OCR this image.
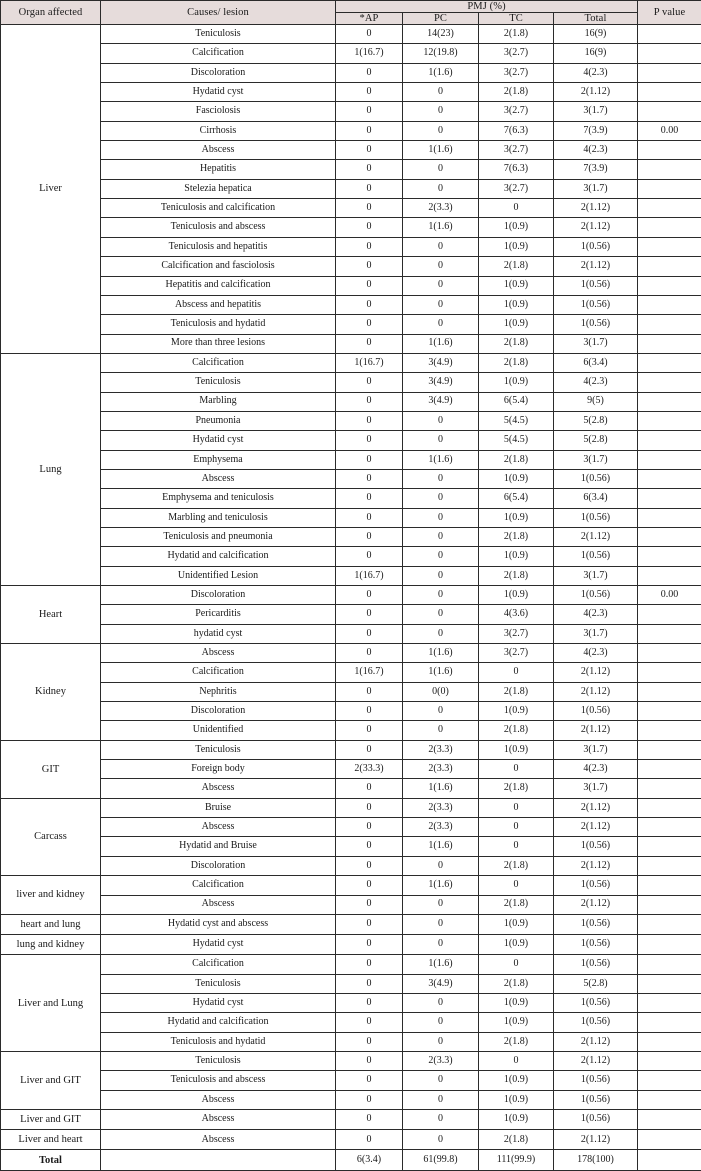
Organ affected	Causes/ lesion	PMJ (%)				P value
		*AP	PC	TC	Total	
Liver	Teniculosis	0	14(23)	2(1.8)	16(9)	
	Calcification	1(16.7)	12(19.8)	3(2.7)	16(9)	
	Discoloration	0	1(1.6)	3(2.7)	4(2.3)	
	Hydatid cyst	0	0	2(1.8)	2(1.12)	
	Fasciolosis	0	0	3(2.7)	3(1.7)	
	Cirrhosis	0	0	7(6.3)	7(3.9)	0.00
	Abscess	0	1(1.6)	3(2.7)	4(2.3)	
	Hepatitis	0	0	7(6.3)	7(3.9)	
	Stelezia hepatica	0	0	3(2.7)	3(1.7)	
	Teniculosis and calcification	0	2(3.3)	0	2(1.12)	
	Teniculosis and abscess	0	1(1.6)	1(0.9)	2(1.12)	
	Teniculosis and hepatitis	0	0	1(0.9)	1(0.56)	
	Calcification and fasciolosis	0	0	2(1.8)	2(1.12)	
	Hepatitis and calcification	0	0	1(0.9)	1(0.56)	
	Abscess and hepatitis	0	0	1(0.9)	1(0.56)	
	Teniculosis and hydatid	0	0	1(0.9)	1(0.56)	
	More than three lesions	0	1(1.6)	2(1.8)	3(1.7)	
Lung	Calcification	1(16.7)	3(4.9)	2(1.8)	6(3.4)	
	Teniculosis	0	3(4.9)	1(0.9)	4(2.3)	
	Marbling	0	3(4.9)	6(5.4)	9(5)	
	Pneumonia	0	0	5(4.5)	5(2.8)	
	Hydatid cyst	0	0	5(4.5)	5(2.8)	
	Emphysema	0	1(1.6)	2(1.8)	3(1.7)	
	Abscess	0	0	1(0.9)	1(0.56)	
	Emphysema and teniculosis	0	0	6(5.4)	6(3.4)	
	Marbling and teniculosis	0	0	1(0.9)	1(0.56)	
	Teniculosis and pneumonia	0	0	2(1.8)	2(1.12)	
	Hydatid and calcification	0	0	1(0.9)	1(0.56)	
	Unidentified Lesion	1(16.7)	0	2(1.8)	3(1.7)	
Heart	Discoloration	0	0	1(0.9)	1(0.56)	0.00
	Pericarditis	0	0	4(3.6)	4(2.3)	
	hydatid cyst	0	0	3(2.7)	3(1.7)	
Kidney	Abscess	0	1(1.6)	3(2.7)	4(2.3)	
	Calcification	1(16.7)	1(1.6)	0	2(1.12)	
	Nephritis	0	0(0)	2(1.8)	2(1.12)	
	Discoloration	0	0	1(0.9)	1(0.56)	
	Unidentified	0	0	2(1.8)	2(1.12)	
GIT	Teniculosis	0	2(3.3)	1(0.9)	3(1.7)	
	Foreign body	2(33.3)	2(3.3)	0	4(2.3)	
	Abscess	0	1(1.6)	2(1.8)	3(1.7)	
Carcass	Bruise	0	2(3.3)	0	2(1.12)	
	Abscess	0	2(3.3)	0	2(1.12)	
	Hydatid and Bruise	0	1(1.6)	0	1(0.56)	
	Discoloration	0	0	2(1.8)	2(1.12)	
liver and kidney	Calcification	0	1(1.6)	0	1(0.56)	
	Abscess	0	0	2(1.8)	2(1.12)	
heart and lung	Hydatid cyst and abscess	0	0	1(0.9)	1(0.56)	
lung and kidney	Hydatid cyst	0	0	1(0.9)	1(0.56)	
Liver and Lung	Calcification	0	1(1.6)	0	1(0.56)	
	Teniculosis	0	3(4.9)	2(1.8)	5(2.8)	
	Hydatid cyst	0	0	1(0.9)	1(0.56)	
	Hydatid and calcification	0	0	1(0.9)	1(0.56)	
	Teniculosis and hydatid	0	0	2(1.8)	2(1.12)	
Liver and GIT	Teniculosis	0	2(3.3)	0	2(1.12)	
	Teniculosis and abscess	0	0	1(0.9)	1(0.56)	
	Abscess	0	0	1(0.9)	1(0.56)	
Liver and GIT	Abscess	0	0	1(0.9)	1(0.56)	
Liver and heart	Abscess	0	0	2(1.8)	2(1.12)	
Total		6(3.4)	61(99.8)	111(99.9)	178(100)	
